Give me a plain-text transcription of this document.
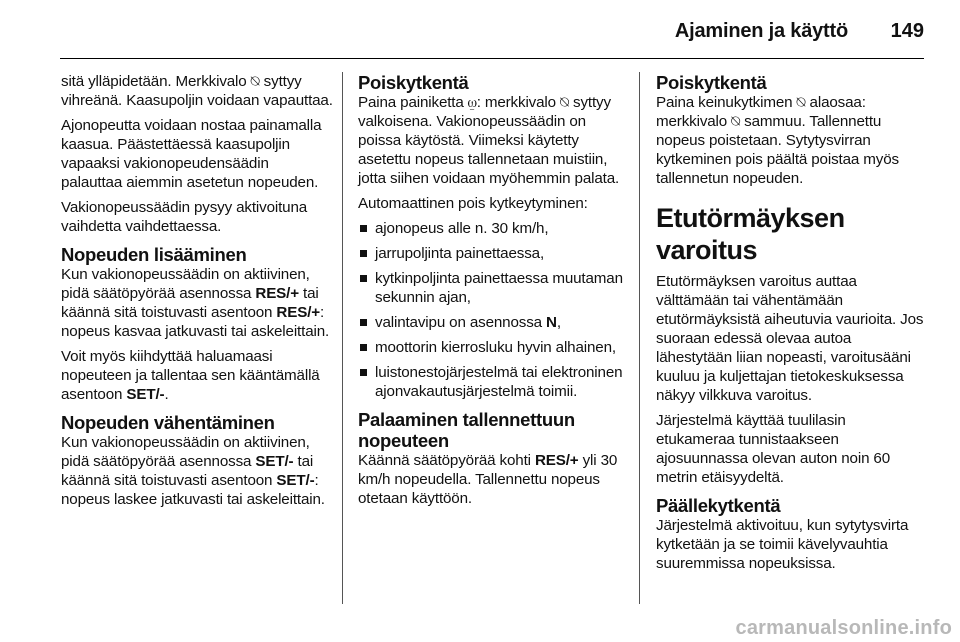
Ajaminen ja käyttö 149

sitä ylläpidetään. Merkkivalo ⍉ syttyy vihreänä. Kaasupoljin voidaan vapauttaa.

Ajonopeutta voidaan nostaa painamalla kaasua. Päästettäessä kaasupoljin vapaaksi vakionopeudensäädin palauttaa aiemmin asetetun nopeuden.

Vakionopeussäädin pysyy aktivoituna vaihdetta vaihdettaessa.

Nopeuden lisääminen

Kun vakionopeussäädin on aktiivinen, pidä säätöpyörää asennossa RES/+ tai käännä sitä toistuvasti asentoon RES/+: nopeus kasvaa jatkuvasti tai askeleittain.

Voit myös kiihdyttää haluamaasi nopeuteen ja tallentaa sen kääntämällä asentoon SET/-.

Nopeuden vähentäminen

Kun vakionopeussäädin on aktiivinen, pidä säätöpyörää asennossa SET/- tai käännä sitä toistuvasti asentoon SET/-: nopeus laskee jatkuvasti tai askeleittain.

Poiskytkentä

Paina painiketta ⍹: merkkivalo ⍉ syttyy valkoisena. Vakionopeussäädin on poissa käytöstä. Viimeksi käytetty asetettu nopeus tallennetaan muistiin, jotta siihen voidaan myöhemmin palata.

Automaattinen pois kytkeytyminen:

ajonopeus alle n. 30 km/h,
jarrupoljinta painettaessa,
kytkinpoljinta painettaessa muutaman sekunnin ajan,
valintavipu on asennossa N,
moottorin kierrosluku hyvin alhainen,
luistonestojärjestelmä tai elektroninen ajonvakautusjärjestelmä toimii.
Palaaminen tallennettuun nopeuteen

Käännä säätöpyörää kohti RES/+ yli 30 km/h nopeudella. Tallennettu nopeus otetaan käyttöön.

Poiskytkentä

Paina keinukytkimen ⍉ alaosaa: merkkivalo ⍉ sammuu. Tallennettu nopeus poistetaan. Sytytysvirran kytkeminen pois päältä poistaa myös tallennetun nopeuden.

Etutörmäyksen varoitus

Etutörmäyksen varoitus auttaa välttämään tai vähentämään etutörmäyksistä aiheutuvia vaurioita. Jos suoraan edessä olevaa autoa lähestytään liian nopeasti, varoitusääni kuuluu ja kuljettajan tietokeskuksessa näkyy vilkkuva varoitus.

Järjestelmä käyttää tuulilasin etukameraa tunnistaakseen ajosuunnassa olevan auton noin 60 metrin etäisyydeltä.

Päällekytkentä

Järjestelmä aktivoituu, kun sytytysvirta kytketään ja se toimii kävelyvauhtia suuremmissa nopeuksissa.

carmanualsonline.info
